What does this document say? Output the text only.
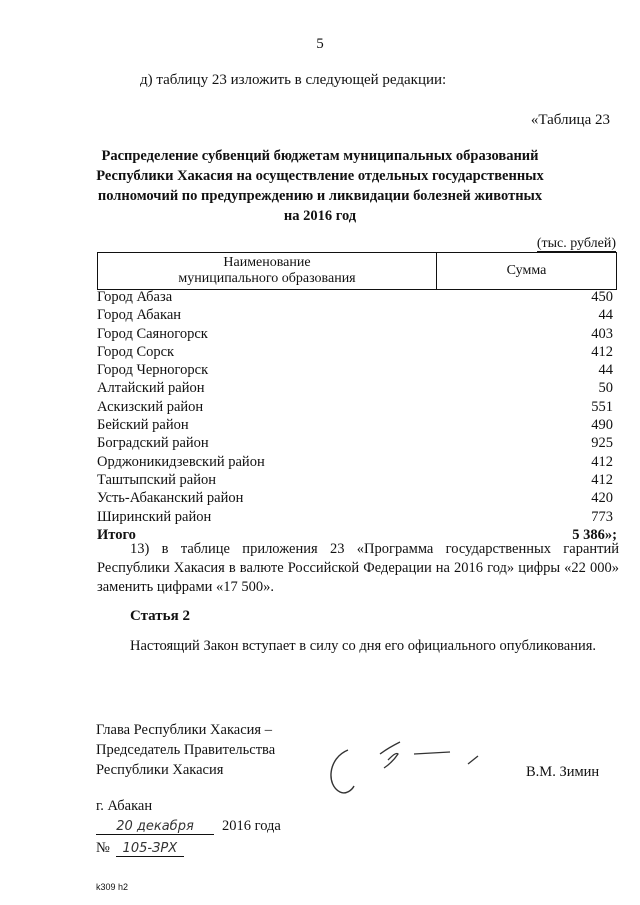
5
д) таблицу 23 изложить в следующей редакции:
«Таблица 23
Распределение субвенций бюджетам муниципальных образований
Республики Хакасия на осуществление отдельных государственных
полномочий по предупреждению и ликвидации болезней животных
на 2016 год
(тыс. рублей)
Наименование
муниципального образования
Сумма
Город Абаза	450
Город Абакан	44
Город Саяногорск	403
Город Сорск	412
Город Черногорск	44
Алтайский район	50
Аскизский район	551
Бейский район	490
Боградский район	925
Орджоникидзевский район	412
Таштыпский район	412
Усть-Абаканский район	420
Ширинский район	773
Итого	5 386»;
13) в таблице приложения 23 «Программа государственных гарантий Республики Хакасия в валюте Российской Федерации на 2016 год» цифры «22 000» заменить цифрами «17 500».
Статья 2
Настоящий Закон вступает в силу со дня его официального опубликования.
Глава Республики Хакасия –
Председатель Правительства
Республики Хакасия	В.М. Зимин
г. Абакан
20 декабря	2016 года
№ 105-ЗРХ
k309 h2
